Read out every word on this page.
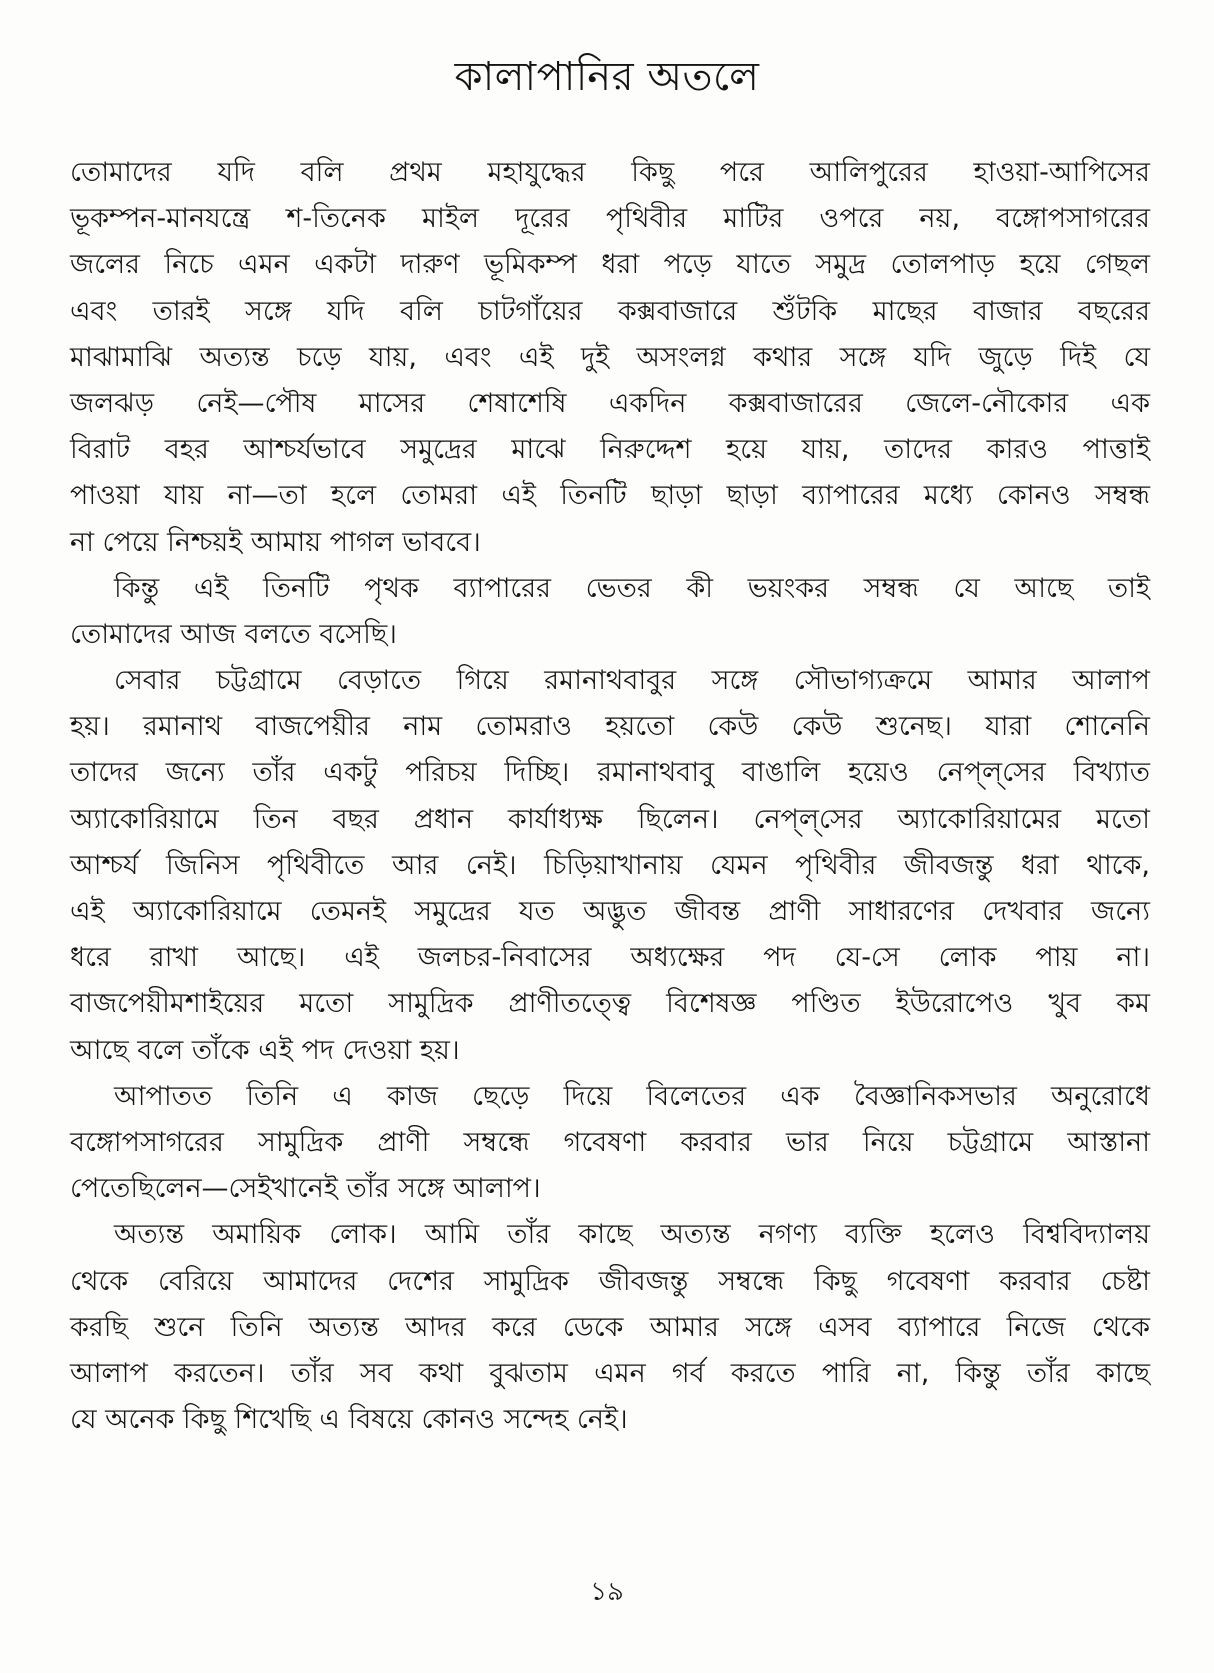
কালাপানির অতলে
তোমাদের যদি বলি প্রথম মহাযুদ্ধের কিছু পরে আলিপুরের হাওয়া-আপিসের
ভূকম্পন-মানযন্ত্রে শ-তিনেক মাইল দূরের পৃথিবীর মাটির ওপরে নয়, বঙ্গোপসাগরের
জলের নিচে এমন একটা দারুণ ভূমিকম্প ধরা পড়ে যাতে সমুদ্র তোলপাড় হয়ে গেছল
এবং তারই সঙ্গে যদি বলি চাটগাঁয়ের কক্সবাজারে শুঁটকি মাছের বাজার বছরের
মাঝামাঝি অত্যন্ত চড়ে যায়, এবং এই দুই অসংলগ্ন কথার সঙ্গে যদি জুড়ে দিই যে
জলঝড় নেই—পৌষ মাসের শেষাশেষি একদিন কক্সবাজারের জেলে-নৌকোর এক
বিরাট বহর আশ্চর্যভাবে সমুদ্রের মাঝে নিরুদ্দেশ হয়ে যায়, তাদের কারও পাত্তাই
পাওয়া যায় না—তা হলে তোমরা এই তিনটি ছাড়া ছাড়া ব্যাপারের মধ্যে কোনও সম্বন্ধ
না পেয়ে নিশ্চয়ই আমায় পাগল ভাববে।
কিন্তু এই তিনটি পৃথক ব্যাপারের ভেতর কী ভয়ংকর সম্বন্ধ যে আছে তাই
তোমাদের আজ বলতে বসেছি।
সেবার চট্টগ্রামে বেড়াতে গিয়ে রমানাথবাবুর সঙ্গে সৌভাগ্যক্রমে আমার আলাপ
হয়। রমানাথ বাজপেয়ীর নাম তোমরাও হয়তো কেউ কেউ শুনেছ। যারা শোনেনি
তাদের জন্যে তাঁর একটু পরিচয় দিচ্ছি। রমানাথবাবু বাঙালি হয়েও নেপ্‌ল্‌সের বিখ্যাত
অ্যাকোরিয়ামে তিন বছর প্রধান কার্যাধ্যক্ষ ছিলেন। নেপ্‌ল্‌সের অ্যাকোরিয়ামের মতো
আশ্চর্য জিনিস পৃথিবীতে আর নেই। চিড়িয়াখানায় যেমন পৃথিবীর জীবজন্তু ধরা থাকে,
এই অ্যাকোরিয়ামে তেমনই সমুদ্রের যত অদ্ভুত জীবন্ত প্রাণী সাধারণের দেখবার জন্যে
ধরে রাখা আছে। এই জলচর-নিবাসের অধ্যক্ষের পদ যে-সে লোক পায় না।
বাজপেয়ীমশাইয়ের মতো সামুদ্রিক প্রাণীতত্ত্বে বিশেষজ্ঞ পণ্ডিত ইউরোপেও খুব কম
আছে বলে তাঁকে এই পদ দেওয়া হয়।
আপাতত তিনি এ কাজ ছেড়ে দিয়ে বিলেতের এক বৈজ্ঞানিকসভার অনুরোধে
বঙ্গোপসাগরের সামুদ্রিক প্রাণী সম্বন্ধে গবেষণা করবার ভার নিয়ে চট্টগ্রামে আস্তানা
পেতেছিলেন—সেইখানেই তাঁর সঙ্গে আলাপ।
অত্যন্ত অমায়িক লোক। আমি তাঁর কাছে অত্যন্ত নগণ্য ব্যক্তি হলেও বিশ্ববিদ্যালয়
থেকে বেরিয়ে আমাদের দেশের সামুদ্রিক জীবজন্তু সম্বন্ধে কিছু গবেষণা করবার চেষ্টা
করছি শুনে তিনি অত্যন্ত আদর করে ডেকে আমার সঙ্গে এসব ব্যাপারে নিজে থেকে
আলাপ করতেন। তাঁর সব কথা বুঝতাম এমন গর্ব করতে পারি না, কিন্তু তাঁর কাছে
যে অনেক কিছু শিখেছি এ বিষয়ে কোনও সন্দেহ নেই।
১৯
